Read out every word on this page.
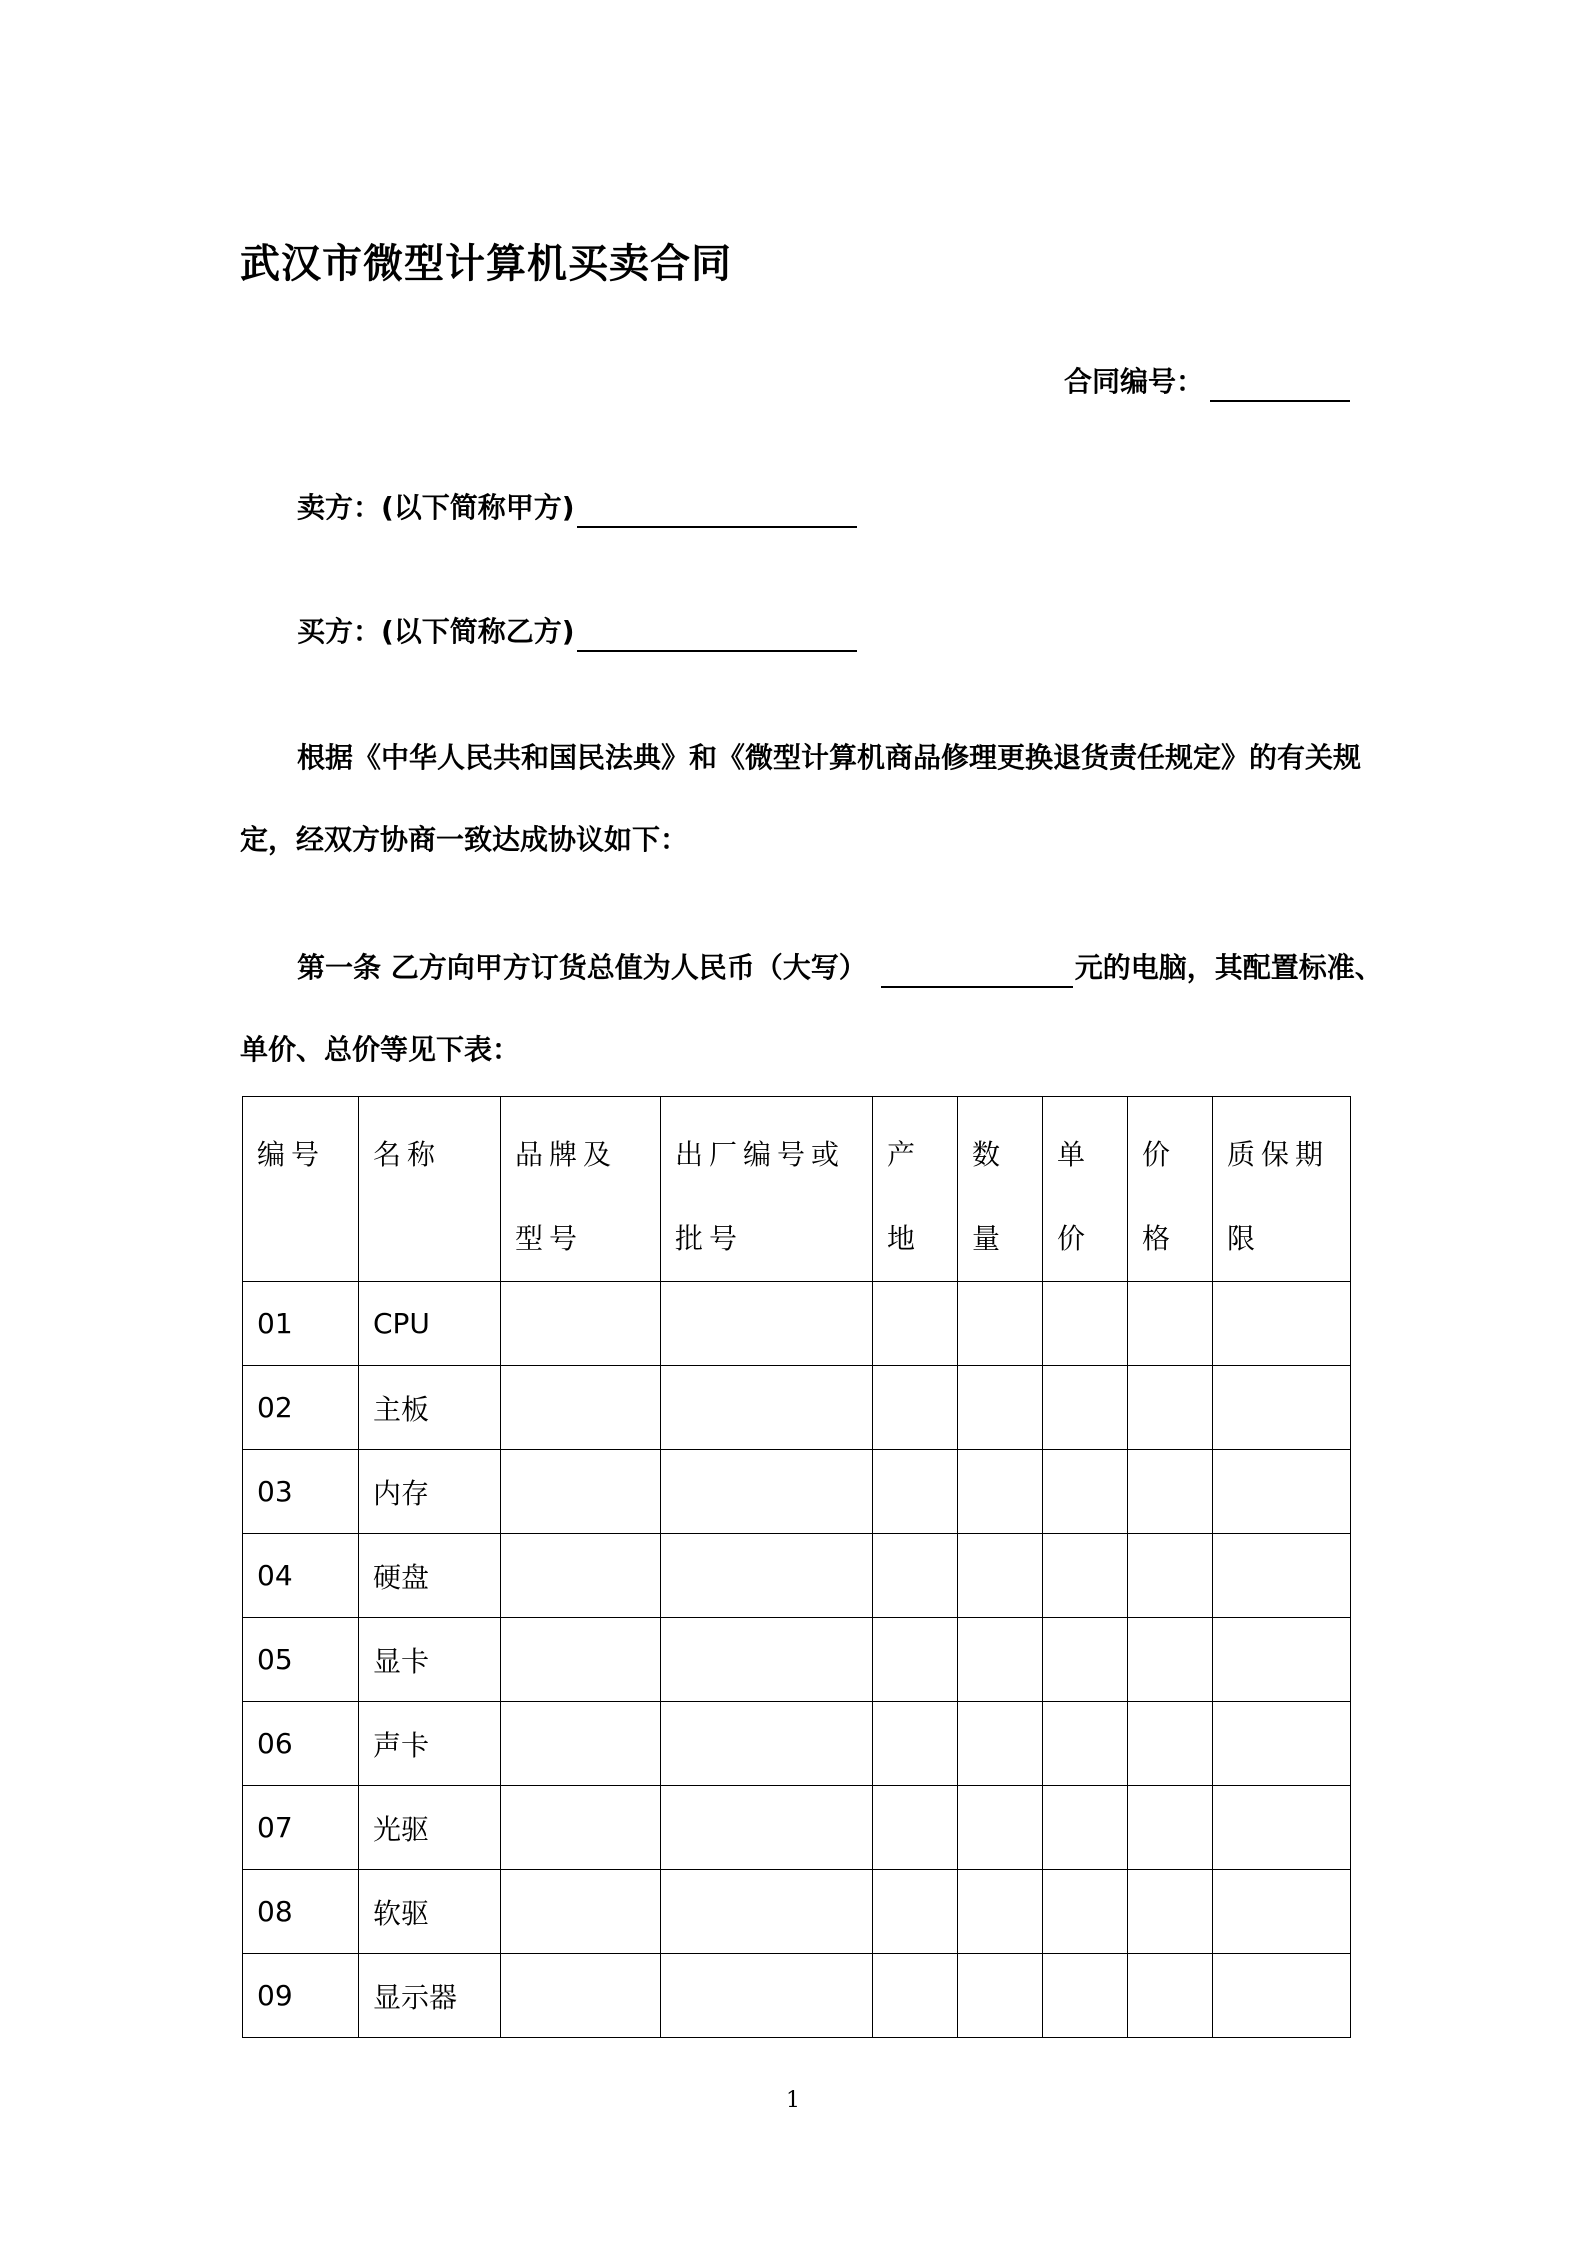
武汉市微型计算机买卖合同
合同编号：
卖方：(以下简称甲方)
买方：(以下简称乙方)
根据《中华人民共和国民法典》和《微型计算机商品修理更换退货责任规定》的有关规
定，经双方协商一致达成协议如下：
第一条 乙方向甲方订货总值为人民币（大写）	元的电脑，其配置标准、
单价、总价等见下表：
编号	名称	品牌及型号	出厂编号或批号	产地	数量	单价	价格	质保期限
01	CPU							
02	主板							
03	内存							
04	硬盘							
05	显卡							
06	声卡							
07	光驱							
08	软驱							
09	显示器							
1
